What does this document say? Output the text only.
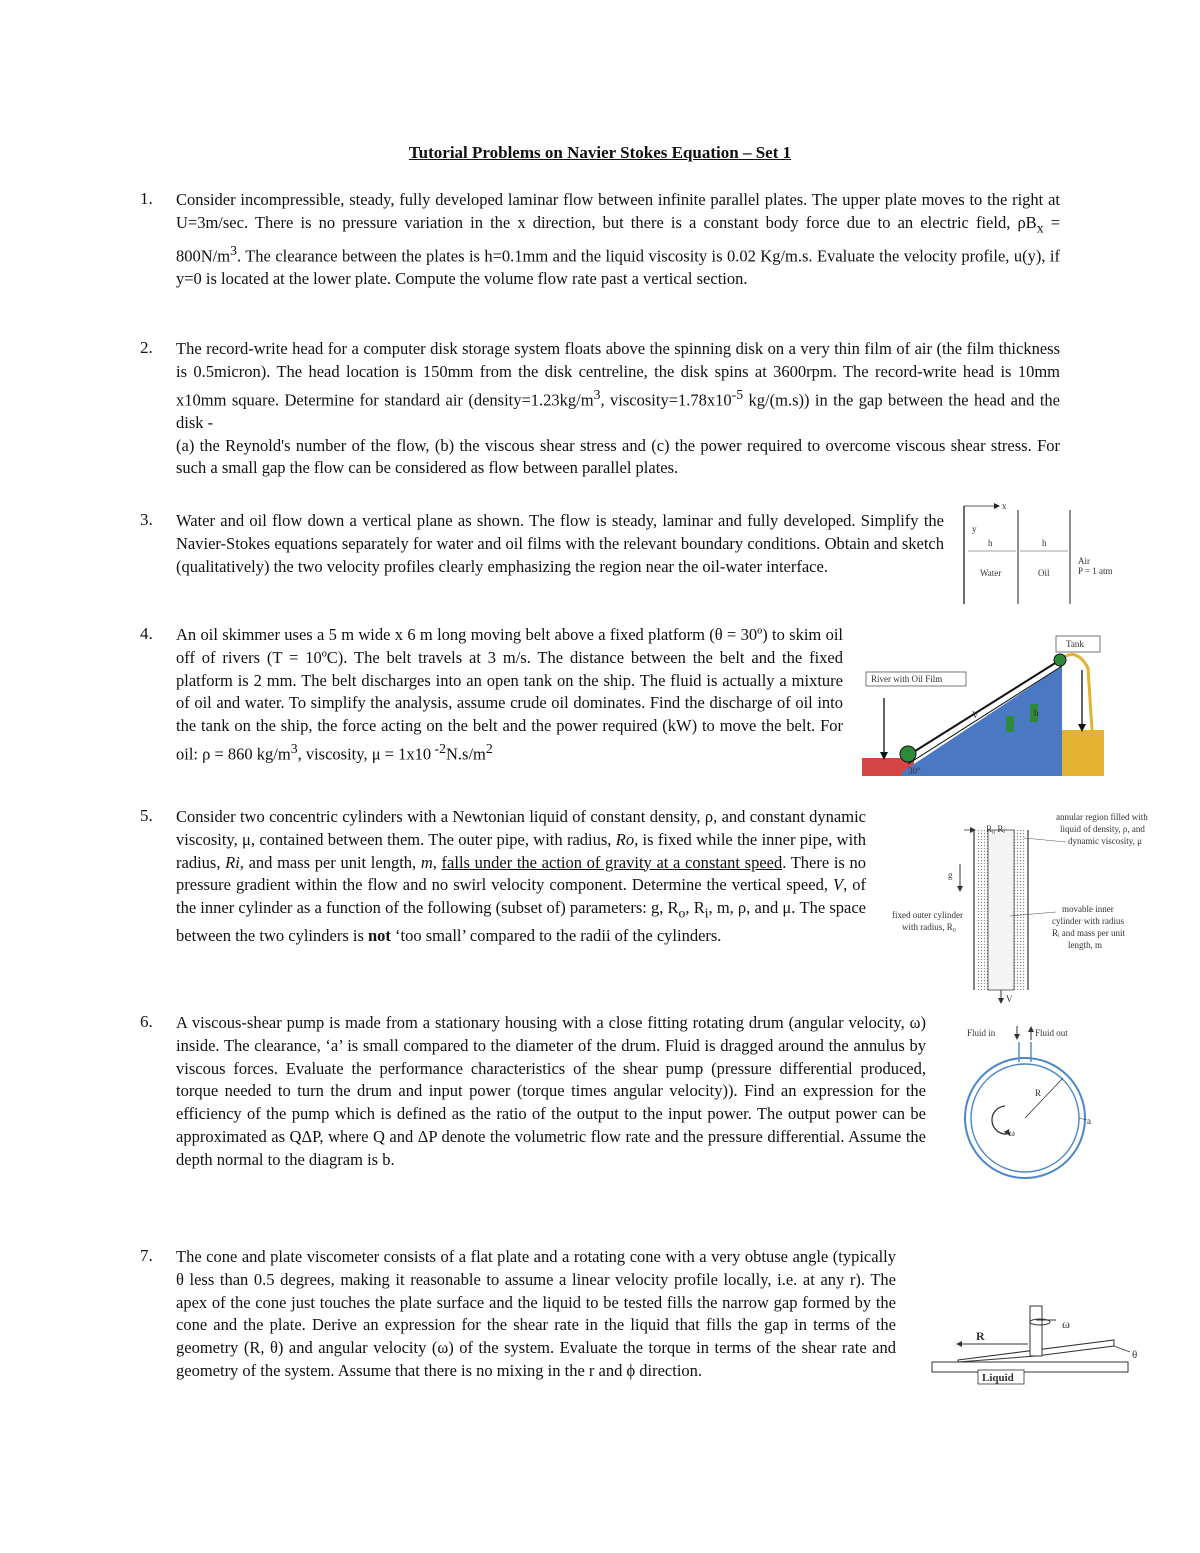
Tutorial Problems on Navier Stokes Equation – Set 1
1. Consider incompressible, steady, fully developed laminar flow between infinite parallel plates. The upper plate moves to the right at U=3m/sec. There is no pressure variation in the x direction, but there is a constant body force due to an electric field, $\rho B_x = 800N/m^3$. The clearance between the plates is h=0.1mm and the liquid viscosity is 0.02 Kg/m.s. Evaluate the velocity profile, u(y), if y=0 is located at the lower plate. Compute the volume flow rate past a vertical section.
2. The record-write head for a computer disk storage system floats above the spinning disk on a very thin film of air (the film thickness is 0.5micron). The head location is 150mm from the disk centreline, the disk spins at 3600rpm. The record-write head is 10mm x10mm square. Determine for standard air ($density=1.23kg/m^3$, $viscosity=1.78x10^{-5}$ kg/(m.s)) in the gap between the head and the disk -
(a) the Reynold's number of the flow, (b) the viscous shear stress and (c) the power required to overcome viscous shear stress. For such a small gap the flow can be considered as flow between parallel plates.
3. Water and oil flow down a vertical plane as shown. The flow is steady, laminar and fully developed. Simplify the Navier-Stokes equations separately for water and oil films with the relevant boundary conditions. Obtain and sketch (qualitatively) the two velocity profiles clearly emphasizing the region near the oil-water interface.
x
y
h	h
Water	Oil
Air
P = 1 atm
4. An oil skimmer uses a 5 m wide x 6 m long moving belt above a fixed platform (θ = 30º) to skim oil off of rivers (T = 10ºC). The belt travels at 3 m/s. The distance between the belt and the fixed platform is 2 mm. The belt discharges into an open tank on the ship. The fluid is actually a mixture of oil and water. To simplify the analysis, assume crude oil dominates. Find the discharge of oil into the tank on the ship, the force acting on the belt and the power required (kW) to move the belt. For oil: ρ = 860 $kg/m^3$, viscosity, μ = 1x10 $^{-2}N.s/m^2$
River with Oil Film
Tank
V	h
30°
5. Consider two concentric cylinders with a Newtonian liquid of constant density, ρ, and constant dynamic viscosity, μ, contained between them. The outer pipe, with radius, Ro, is fixed while the inner pipe, with radius, Ri, and mass per unit length, m, falls under the action of gravity at a constant speed. There is no pressure gradient within the flow and no swirl velocity component. Determine the vertical speed, V, of the inner cylinder as a function of the following (subset of) parameters: g, $R_o$, $R_i$, m, ρ, and μ. The space between the two cylinders is not ‘too small’ compared to the radii of the cylinders.
R₀ Rᵢ
g
V
annular region filled with
liquid of density, ρ, and
dynamic viscosity, μ
fixed outer cylinder
with radius, R₀
movable inner
cylinder with radius
Rᵢ and mass per unit
length, m
6. A viscous-shear pump is made from a stationary housing with a close fitting rotating drum (angular velocity, ω) inside. The clearance, ‘a’ is small compared to the diameter of the drum. Fluid is dragged around the annulus by viscous forces. Evaluate the performance characteristics of the shear pump (pressure differential produced, torque needed to turn the drum and input power (torque times angular velocity)). Find an expression for the efficiency of the pump which is defined as the ratio of the output to the input power. The output power can be approximated as QΔP, where Q and ΔP denote the volumetric flow rate and the pressure differential. Assume the depth normal to the diagram is b.
Fluid in	Fluid out
R
ω
a
7. The cone and plate viscometer consists of a flat plate and a rotating cone with a very obtuse angle (typically θ less than 0.5 degrees, making it reasonable to assume a linear velocity profile locally, i.e. at any r). The apex of the cone just touches the plate surface and the liquid to be tested fills the narrow gap formed by the cone and the plate. Derive an expression for the shear rate in the liquid that fills the gap in terms of the geometry (R, θ) and angular velocity (ω) of the system. Evaluate the torque in terms of the shear rate and geometry of the system. Assume that there is no mixing in the r and ϕ direction.
ω
R
θ
Liquid
